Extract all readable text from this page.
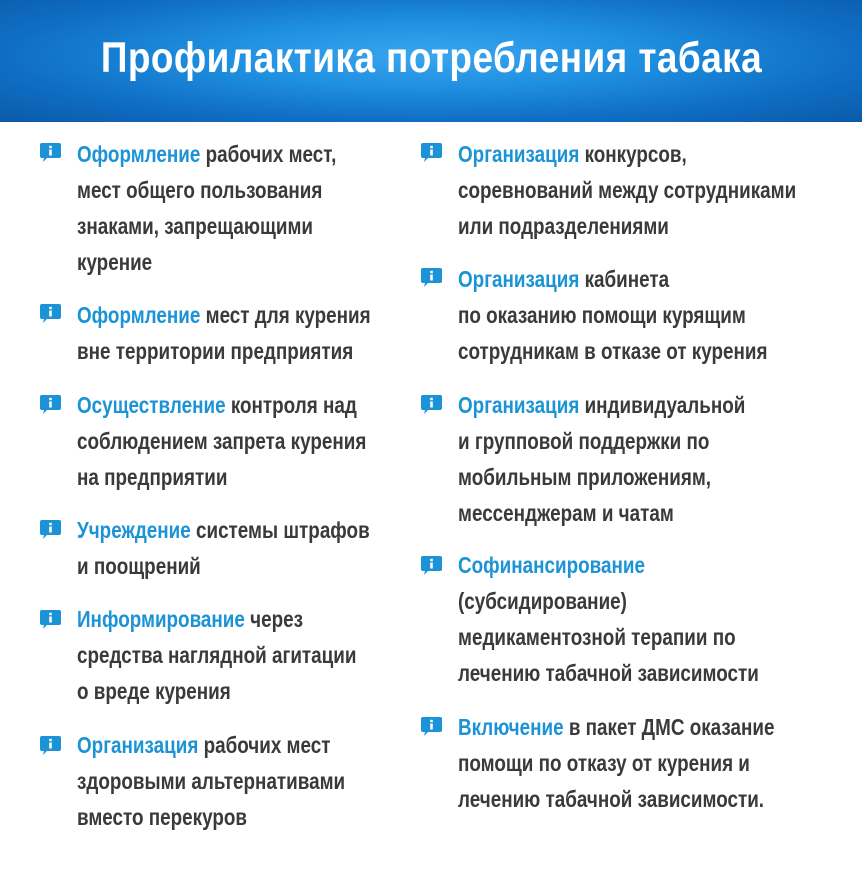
Профилактика потребления табака
Оформление рабочих мест,
мест общего пользования
знаками, запрещающими
курение
Оформление мест для курения
вне территории предприятия
Осуществление контроля над
соблюдением запрета курения
на предприятии
Учреждение системы штрафов
и поощрений
Информирование через
средства наглядной агитации
о вреде курения
Организация рабочих мест
здоровыми альтернативами
вместо перекуров
Организация конкурсов,
соревнований между сотрудниками
или подразделениями
Организация кабинета
по оказанию помощи курящим
сотрудникам в отказе от курения
Организация индивидуальной
и групповой поддержки по
мобильным приложениям,
мессенджерам и чатам
Софинансирование
(субсидирование)
медикаментозной терапии по
лечению табачной зависимости
Включение в пакет ДМС оказание
помощи по отказу от курения и
лечению табачной зависимости.
